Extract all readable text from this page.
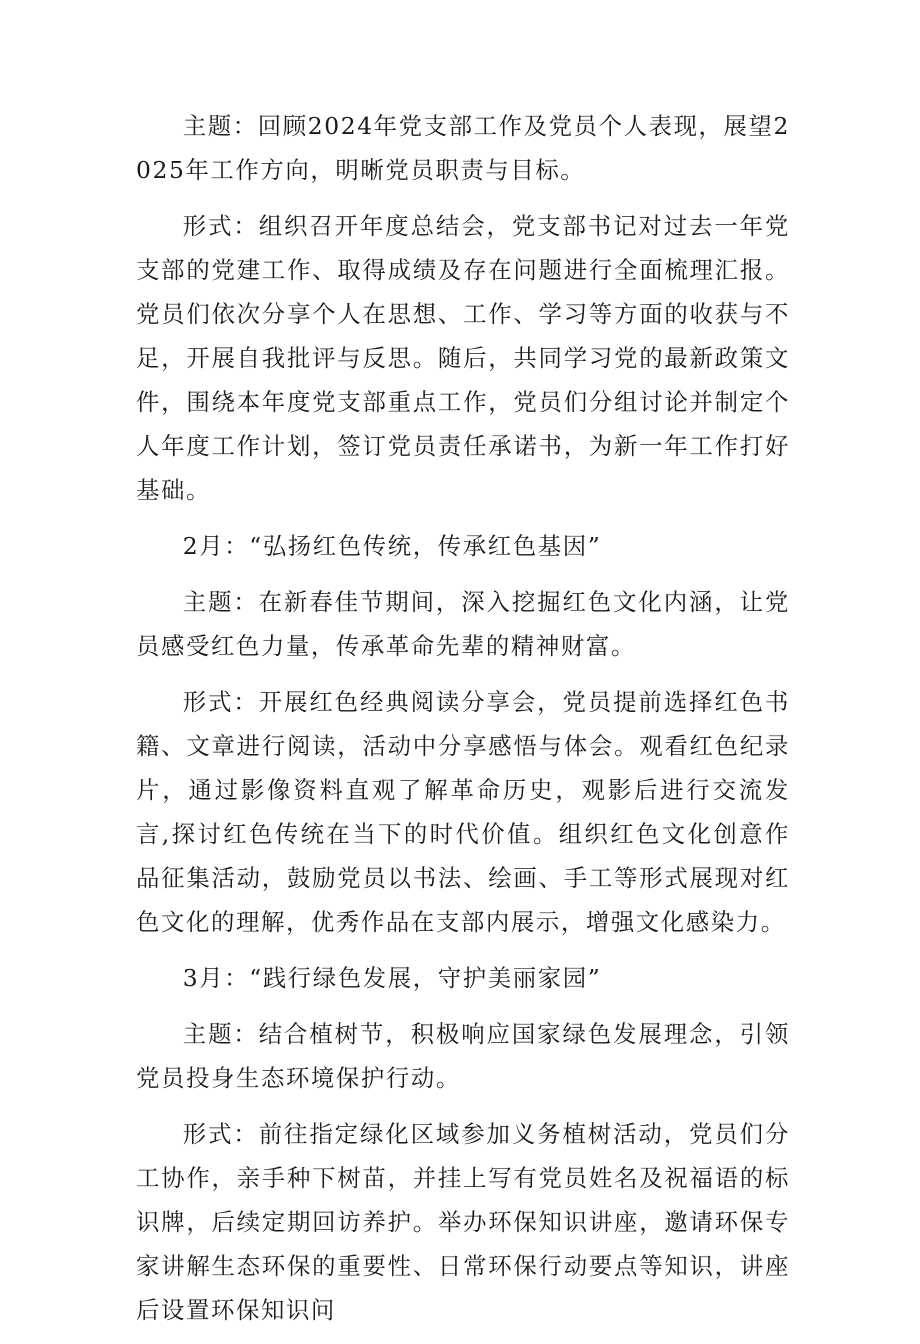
主题：回顾2024年党支部工作及党员个人表现，展望2025年工作方向，明晰党员职责与目标。

形式：组织召开年度总结会，党支部书记对过去一年党支部的党建工作、取得成绩及存在问题进行全面梳理汇报。党员们依次分享个人在思想、工作、学习等方面的收获与不足，开展自我批评与反思。随后，共同学习党的最新政策文件，围绕本年度党支部重点工作，党员们分组讨论并制定个人年度工作计划，签订党员责任承诺书，为新一年工作打好基础。

2月：“弘扬红色传统，传承红色基因”

主题：在新春佳节期间，深入挖掘红色文化内涵，让党员感受红色力量，传承革命先辈的精神财富。

形式：开展红色经典阅读分享会，党员提前选择红色书籍、文章进行阅读，活动中分享感悟与体会。观看红色纪录片，通过影像资料直观了解革命历史，观影后进行交流发言,探讨红色传统在当下的时代价值。组织红色文化创意作品征集活动，鼓励党员以书法、绘画、手工等形式展现对红色文化的理解，优秀作品在支部内展示，增强文化感染力。

3月：“践行绿色发展，守护美丽家园”

主题：结合植树节，积极响应国家绿色发展理念，引领党员投身生态环境保护行动。

形式：前往指定绿化区域参加义务植树活动，党员们分工协作，亲手种下树苗，并挂上写有党员姓名及祝福语的标识牌，后续定期回访养护。举办环保知识讲座，邀请环保专家讲解生态环保的重要性、日常环保行动要点等知识，讲座后设置环保知识问
